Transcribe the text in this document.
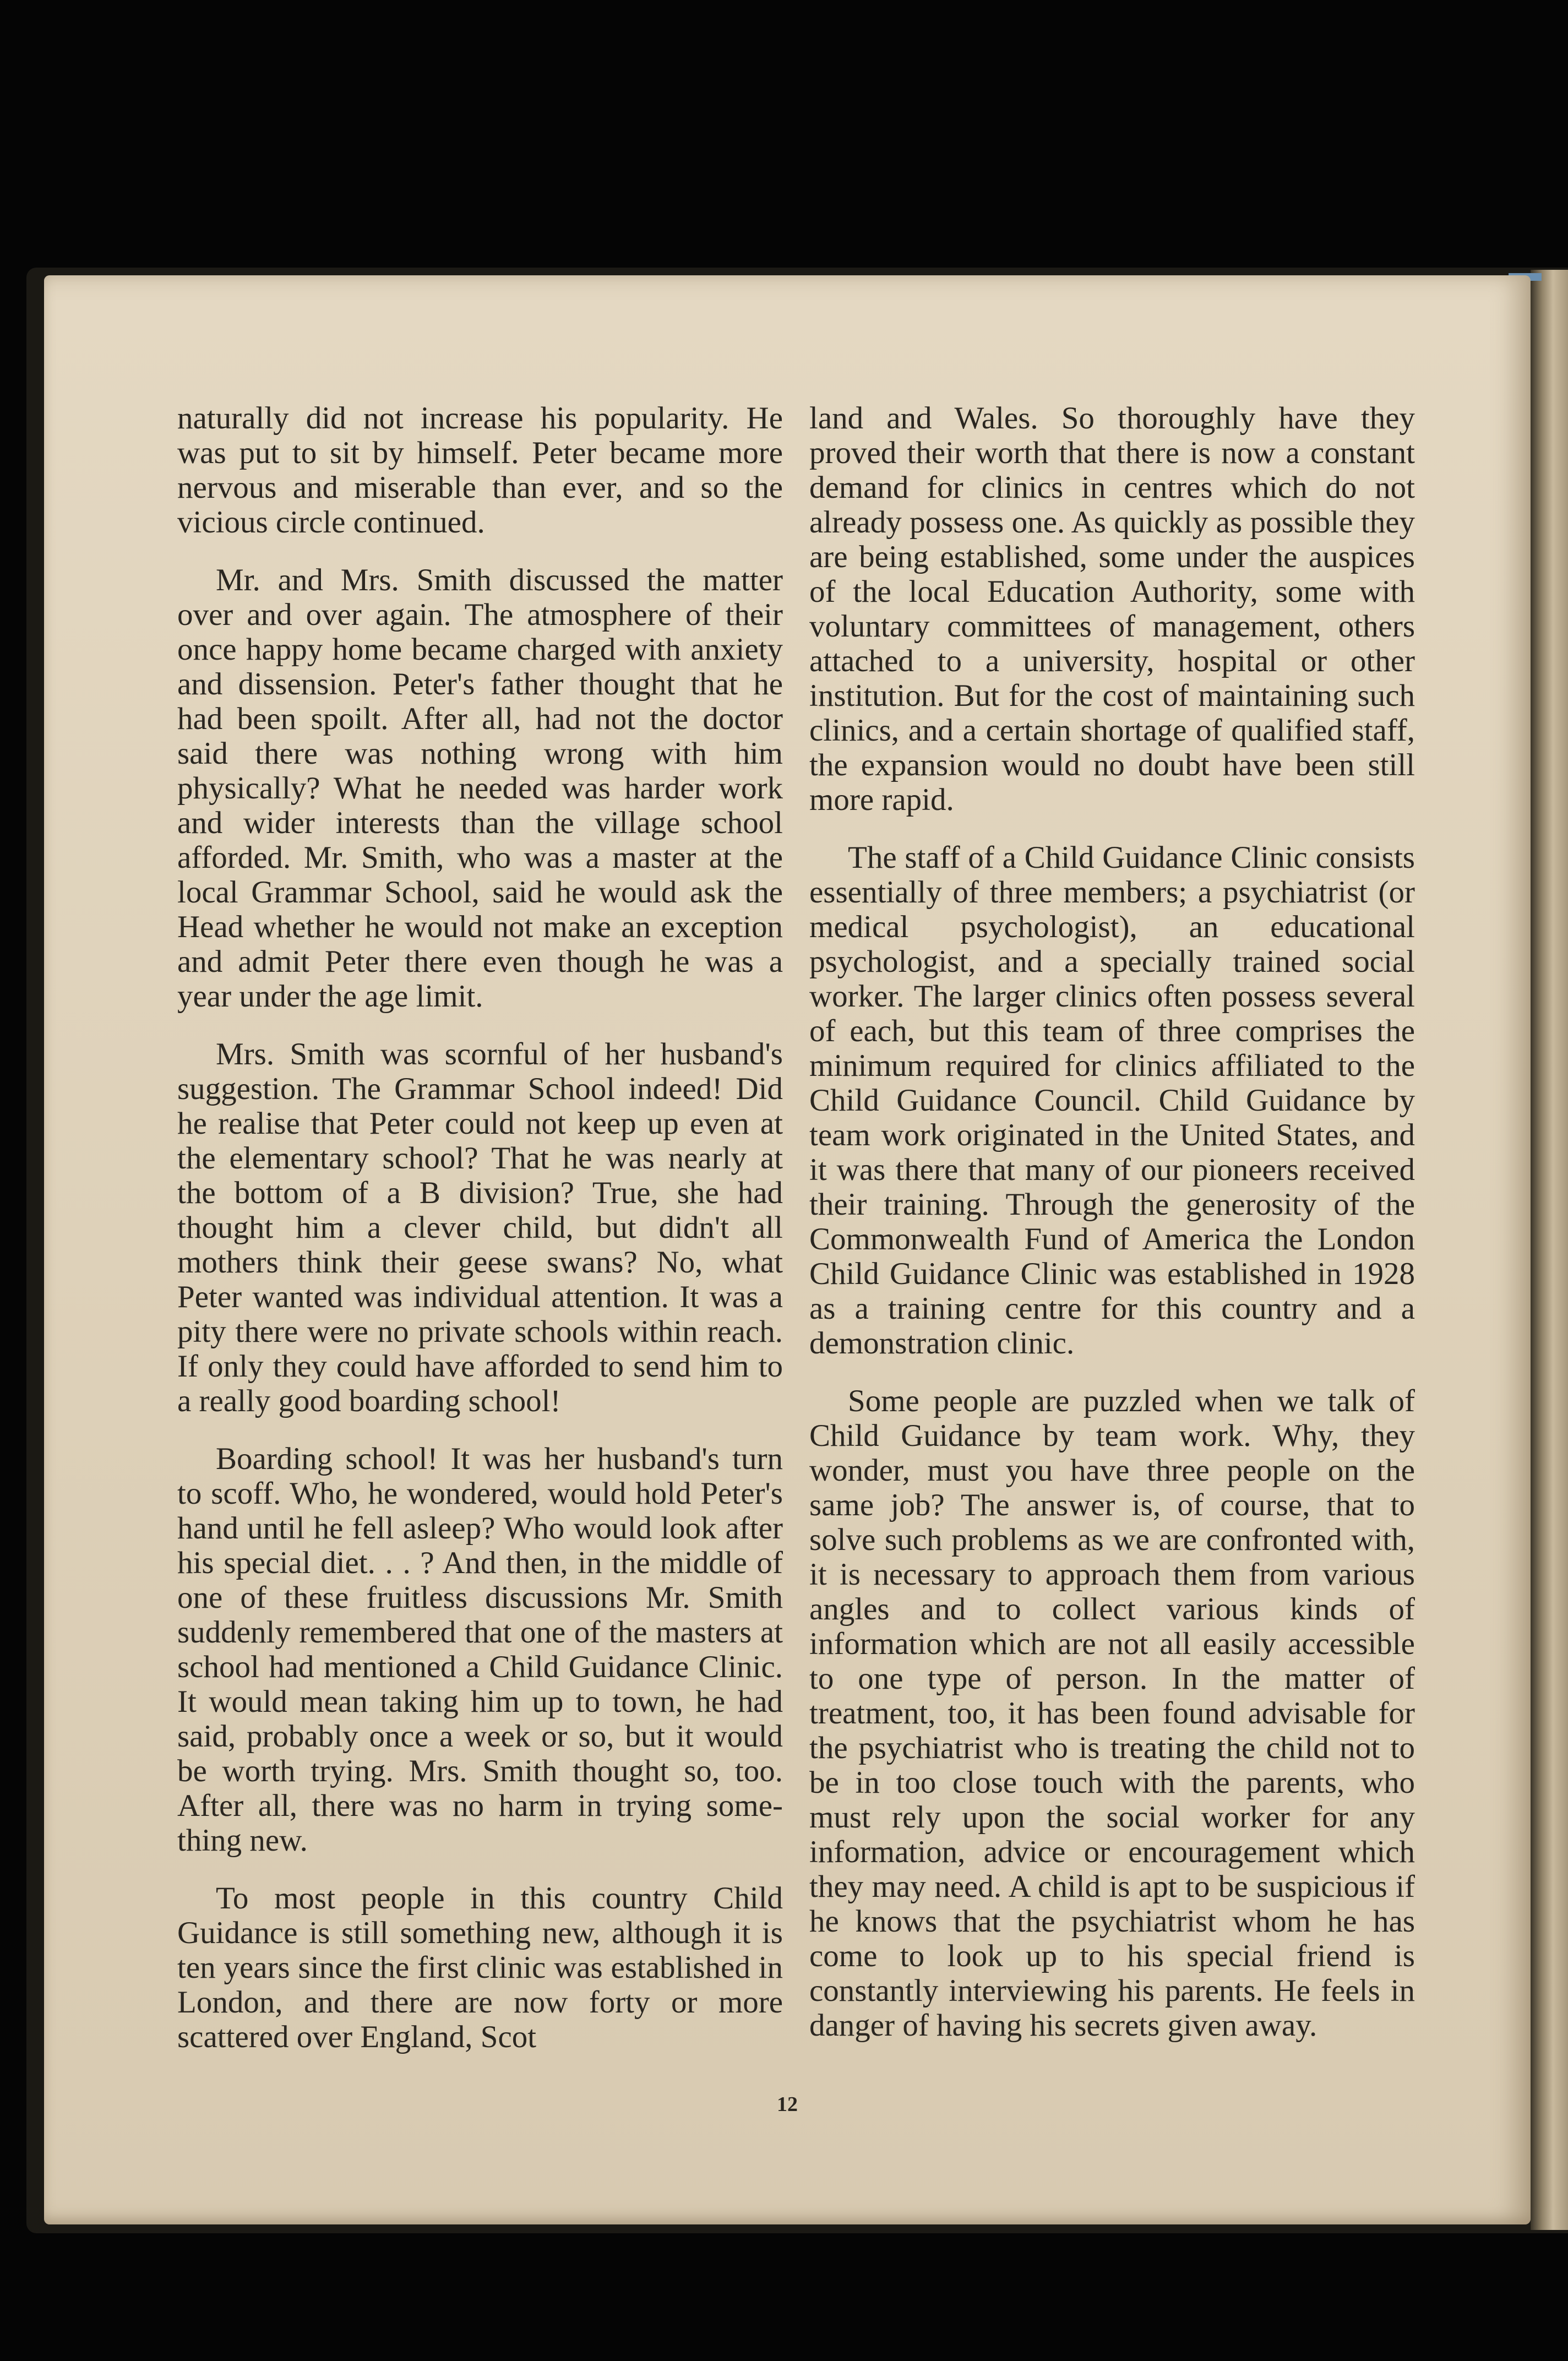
naturally did not increase his popularity. He was put to sit by himself. Peter became more nervous and miserable than ever, and so the vicious circle continued.

Mr. and Mrs. Smith discussed the matter over and over again. The atmosphere of their once happy home became charged with anxiety and dissension. Peter's father thought that he had been spoilt. After all, had not the doctor said there was nothing wrong with him physically? What he needed was harder work and wider interests than the village school afforded. Mr. Smith, who was a master at the local Grammar School, said he would ask the Head whether he would not make an exception and admit Peter there even though he was a year under the age limit.

Mrs. Smith was scornful of her husband's suggestion. The Grammar School indeed! Did he realise that Peter could not keep up even at the elementary school? That he was nearly at the bottom of a B division? True, she had thought him a clever child, but didn't all mothers think their geese swans? No, what Peter wanted was individual attention. It was a pity there were no private schools within reach. If only they could have afforded to send him to a really good boarding school!

Boarding school! It was her husband's turn to scoff. Who, he wondered, would hold Peter's hand until he fell asleep? Who would look after his special diet. . . ? And then, in the middle of one of these fruitless discussions Mr. Smith suddenly remembered that one of the masters at school had mentioned a Child Guidance Clinic. It would mean taking him up to town, he had said, probably once a week or so, but it would be worth trying. Mrs. Smith thought so, too. After all, there was no harm in trying something new.

To most people in this country Child Guidance is still something new, although it is ten years since the first clinic was established in London, and there are now forty or more scattered over England, Scot

land and Wales. So thoroughly have they proved their worth that there is now a constant demand for clinics in centres which do not already possess one. As quickly as possible they are being established, some under the auspices of the local Education Authority, some with voluntary committees of management, others attached to a university, hospital or other institution. But for the cost of maintaining such clinics, and a certain shortage of qualified staff, the expansion would no doubt have been still more rapid.

The staff of a Child Guidance Clinic consists essentially of three members; a psychiatrist (or medical psychologist), an educational psychologist, and a specially trained social worker. The larger clinics often possess several of each, but this team of three comprises the minimum required for clinics affiliated to the Child Guidance Council. Child Guidance by team work originated in the United States, and it was there that many of our pioneers received their training. Through the generosity of the Commonwealth Fund of America the London Child Guidance Clinic was established in 1928 as a training centre for this country and a demonstration clinic.

Some people are puzzled when we talk of Child Guidance by team work. Why, they wonder, must you have three people on the same job? The answer is, of course, that to solve such problems as we are confronted with, it is necessary to approach them from various angles and to collect various kinds of information which are not all easily accessible to one type of person. In the matter of treatment, too, it has been found advisable for the psychiatrist who is treating the child not to be in too close touch with the parents, who must rely upon the social worker for any information, advice or encouragement which they may need. A child is apt to be suspicious if he knows that the psychiatrist whom he has come to look up to his special friend is constantly interviewing his parents. He feels in danger of having his secrets given away.

12
